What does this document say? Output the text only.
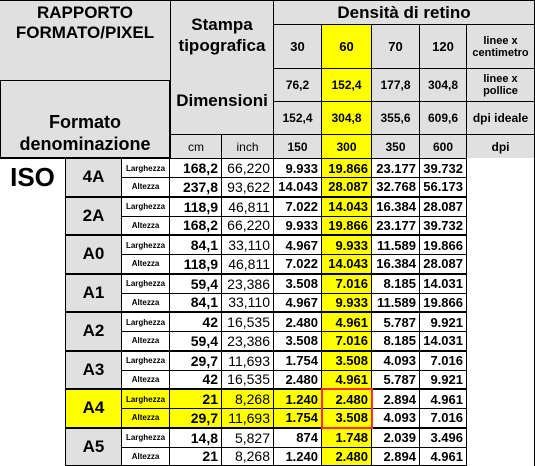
RAPPORTO FORMATO/PIXEL
Formato denominazione
Stampa tipografica
Dimensioni
cm	inch
Densità di retino
30	60	70 120	linee x centimetro
76,2 152,4 177,8 304,8	linee x pollice
152,4 304,8 355,6 609,6 dpi ideale
150 300 350 600	dpi
ISO 4A	Larghezza 168,2 66,220 9.933 19.866 23.177 39.732
Altezza 237,8 93,622 14.043 28.087 32.768 56.173
2A	Larghezza 118,9 46,811 7.022 14.043 16.384 28.087
Altezza 168,2 66,220 9.933 19.866 23.177 39.732
A0	Larghezza 84,1 33,110 4.967 9.933 11.589 19.866
Altezza 118,9 46,811 7.022 14.043 16.384 28.087
A1	Larghezza 59,4 23,386 3.508 7.016 8.185 14.031
Altezza 84,1 33,110 4.967 9.933 11.589 19.866
A2	Larghezza	42 16,535 2.480 4.961 5.787 9.921
Altezza 59,4 23,386 3.508 7.016 8.185 14.031
A3	Larghezza 29,7 11,693 1.754 3.508 4.093 7.016
Altezza	42 16,535 2.480 4.961 5.787 9.921
A4	Larghezza	21 8,268 1.240 2.480 2.894 4.961
Altezza 29,7 11,693 1.754 3.508 4.093 7.016
A5	Larghezza 14,8 5,827 874 1.748 2.039 3.496
Altezza	21 8,268 1.240 2.480 2.894 4.961
